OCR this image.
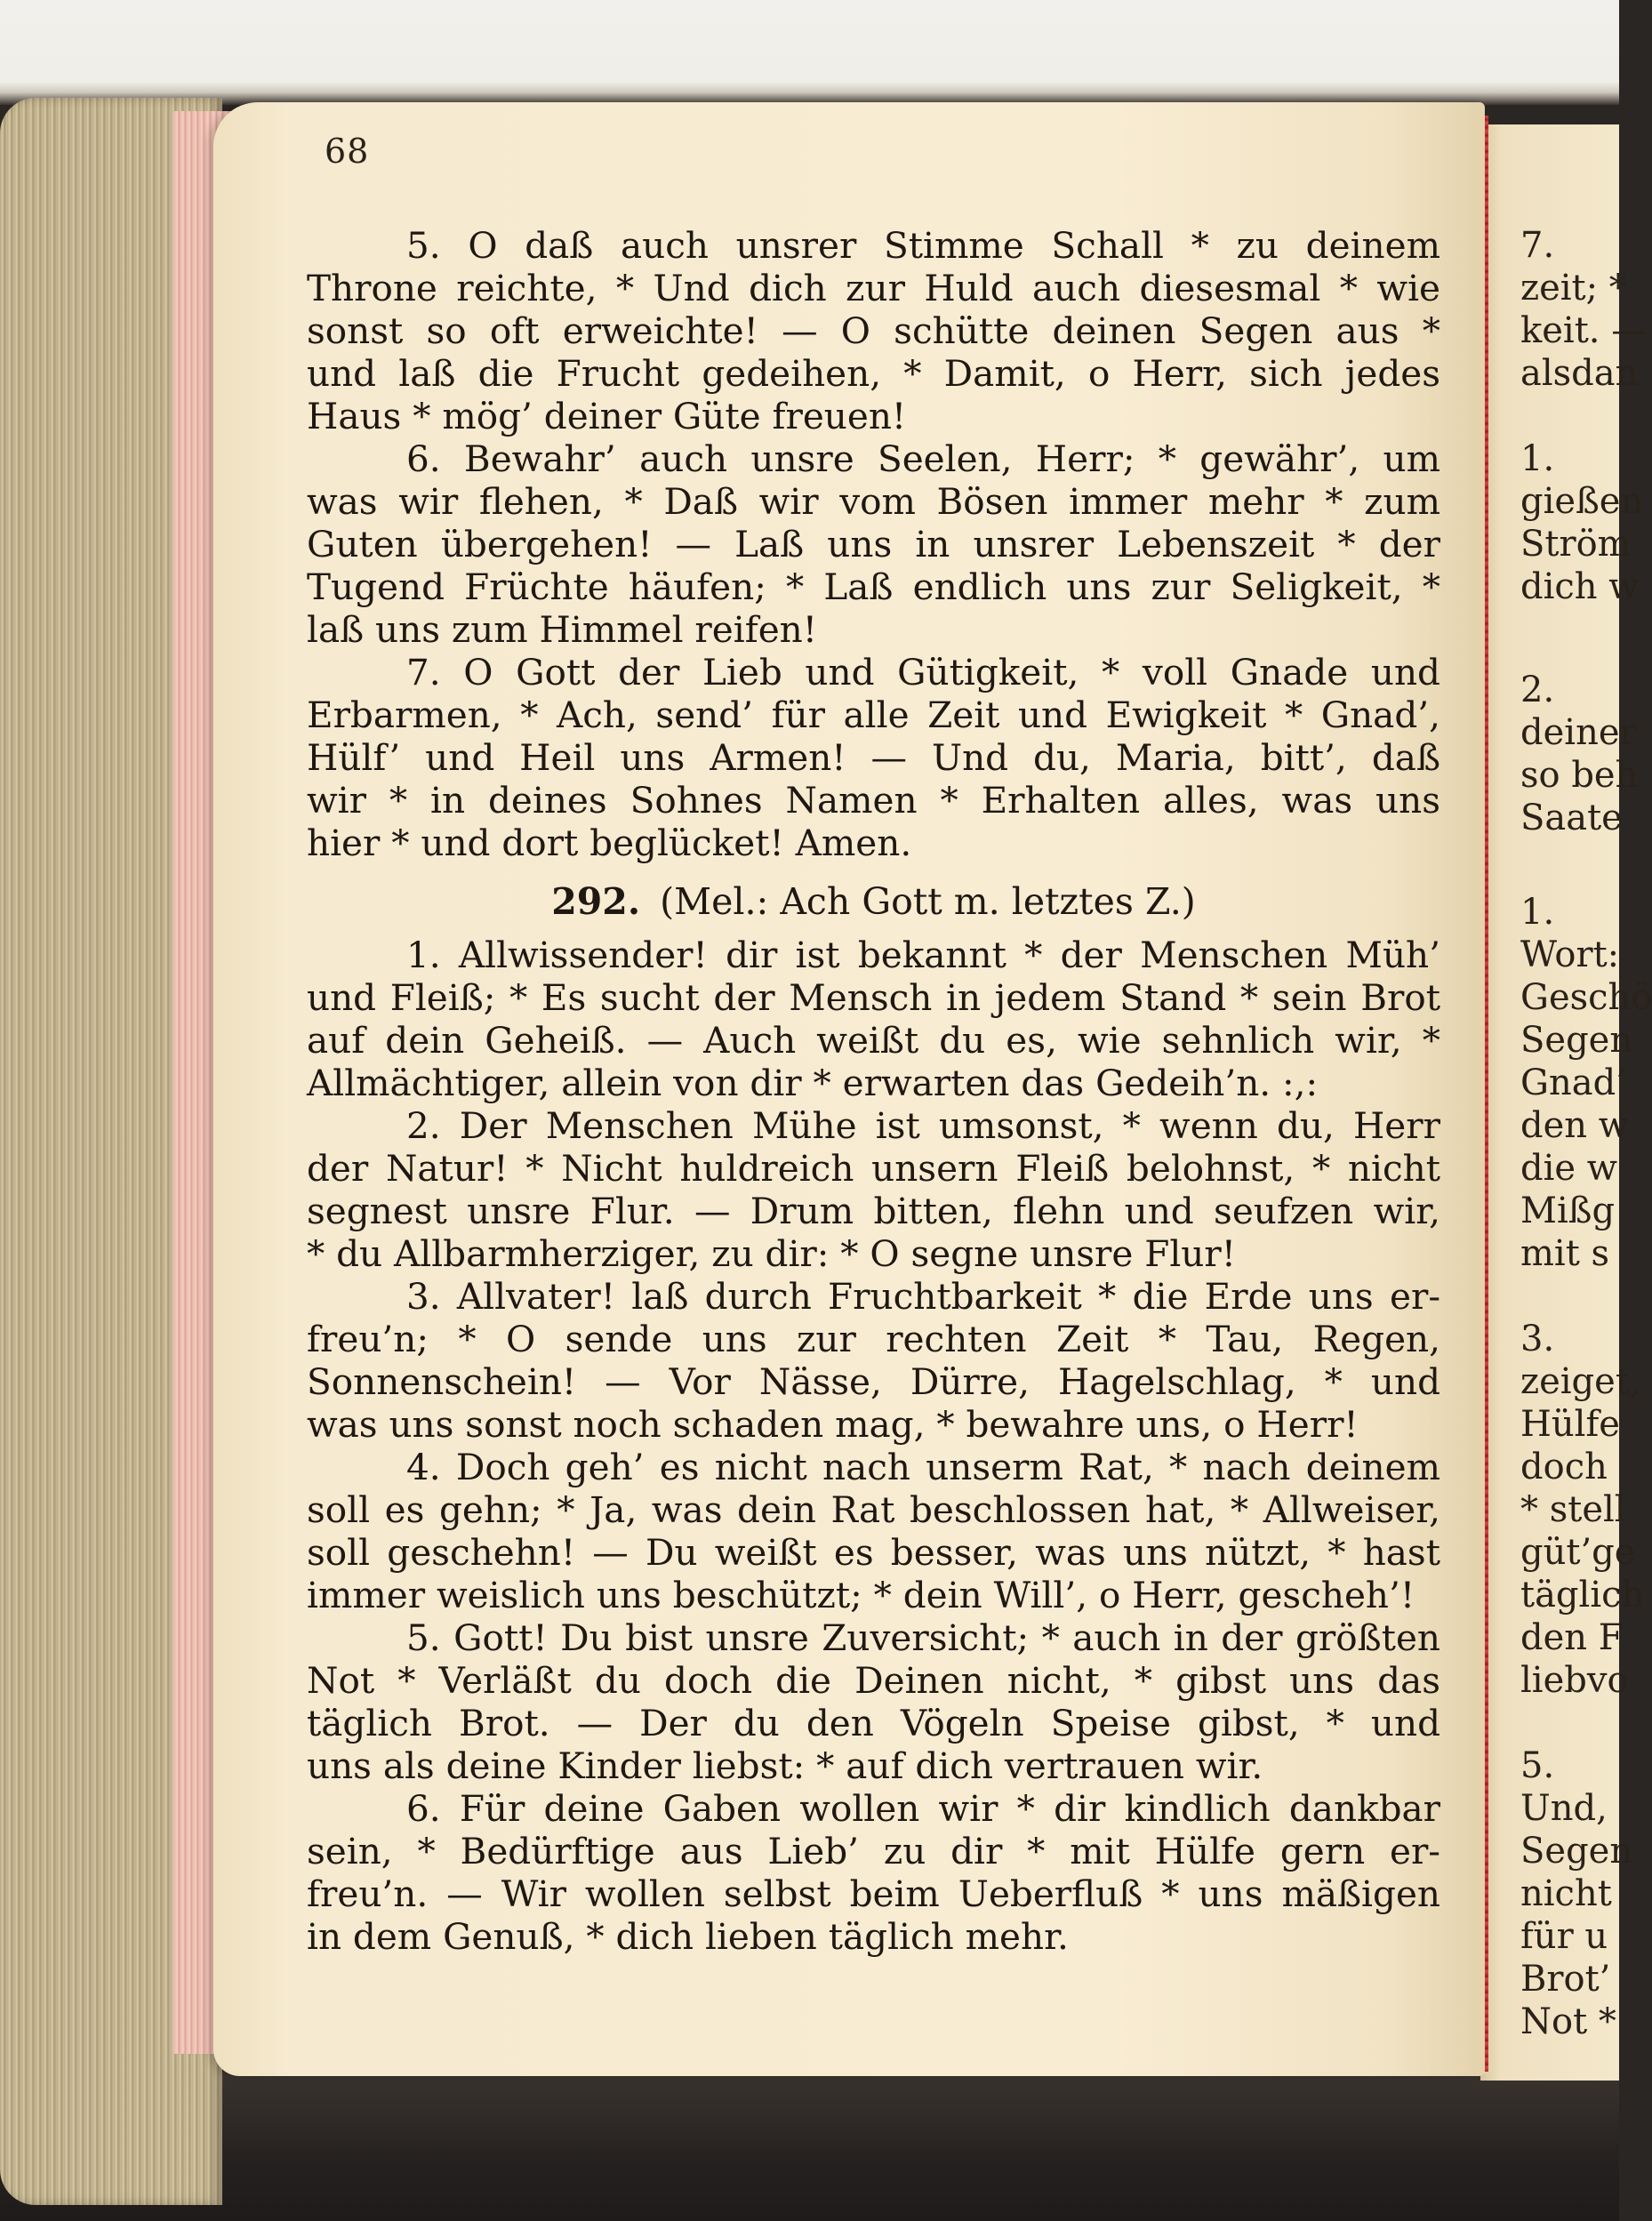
7.
zeit; *
keit. —
alsdan
1.
gießen
Ström
dich w
2.
deiner
so beh
Saate
1.
Wort:
Geschö
Segen
Gnad’
den w
die w
Mißg
mit s
3.
zeiget,
Hülfe
doch
* stell
güt’ge
täglich
den F
liebvo
5.
Und,
Segen
nicht
für u
Brot’
Not *
68
5. O daß auch unsrer Stimme Schall * zu deinem
Throne reichte, * Und dich zur Huld auch diesesmal * wie
sonst so oft erweichte! — O schütte deinen Segen aus *
und laß die Frucht gedeihen, * Damit, o Herr, sich jedes
Haus * mög’ deiner Güte freuen!
6. Bewahr’ auch unsre Seelen, Herr; * gewähr’, um
was wir flehen, * Daß wir vom Bösen immer mehr * zum
Guten übergehen! — Laß uns in unsrer Lebenszeit * der
Tugend Früchte häufen; * Laß endlich uns zur Seligkeit, *
laß uns zum Himmel reifen!
7. O Gott der Lieb und Gütigkeit, * voll Gnade und
Erbarmen, * Ach, send’ für alle Zeit und Ewigkeit * Gnad’,
Hülf’ und Heil uns Armen! — Und du, Maria, bitt’, daß
wir * in deines Sohnes Namen * Erhalten alles, was uns
hier * und dort beglücket! Amen.
292. (Mel.: Ach Gott m. letztes Z.)
1. Allwissender! dir ist bekannt * der Menschen Müh’
und Fleiß; * Es sucht der Mensch in jedem Stand * sein Brot
auf dein Geheiß. — Auch weißt du es, wie sehnlich wir, *
Allmächtiger, allein von dir * erwarten das Gedeih’n. :,:
2. Der Menschen Mühe ist umsonst, * wenn du, Herr
der Natur! * Nicht huldreich unsern Fleiß belohnst, * nicht
segnest unsre Flur. — Drum bitten, flehn und seufzen wir,
* du Allbarmherziger, zu dir: * O segne unsre Flur!
3. Allvater! laß durch Fruchtbarkeit * die Erde uns er-
freu’n; * O sende uns zur rechten Zeit * Tau, Regen,
Sonnenschein! — Vor Nässe, Dürre, Hagelschlag, * und
was uns sonst noch schaden mag, * bewahre uns, o Herr!
4. Doch geh’ es nicht nach unserm Rat, * nach deinem
soll es gehn; * Ja, was dein Rat beschlossen hat, * Allweiser,
soll geschehn! — Du weißt es besser, was uns nützt, * hast
immer weislich uns beschützt; * dein Will’, o Herr, gescheh’!
5. Gott! Du bist unsre Zuversicht; * auch in der größten
Not * Verläßt du doch die Deinen nicht, * gibst uns das
täglich Brot. — Der du den Vögeln Speise gibst, * und
uns als deine Kinder liebst: * auf dich vertrauen wir.
6. Für deine Gaben wollen wir * dir kindlich dankbar
sein, * Bedürftige aus Lieb’ zu dir * mit Hülfe gern er-
freu’n. — Wir wollen selbst beim Ueberfluß * uns mäßigen
in dem Genuß, * dich lieben täglich mehr.
